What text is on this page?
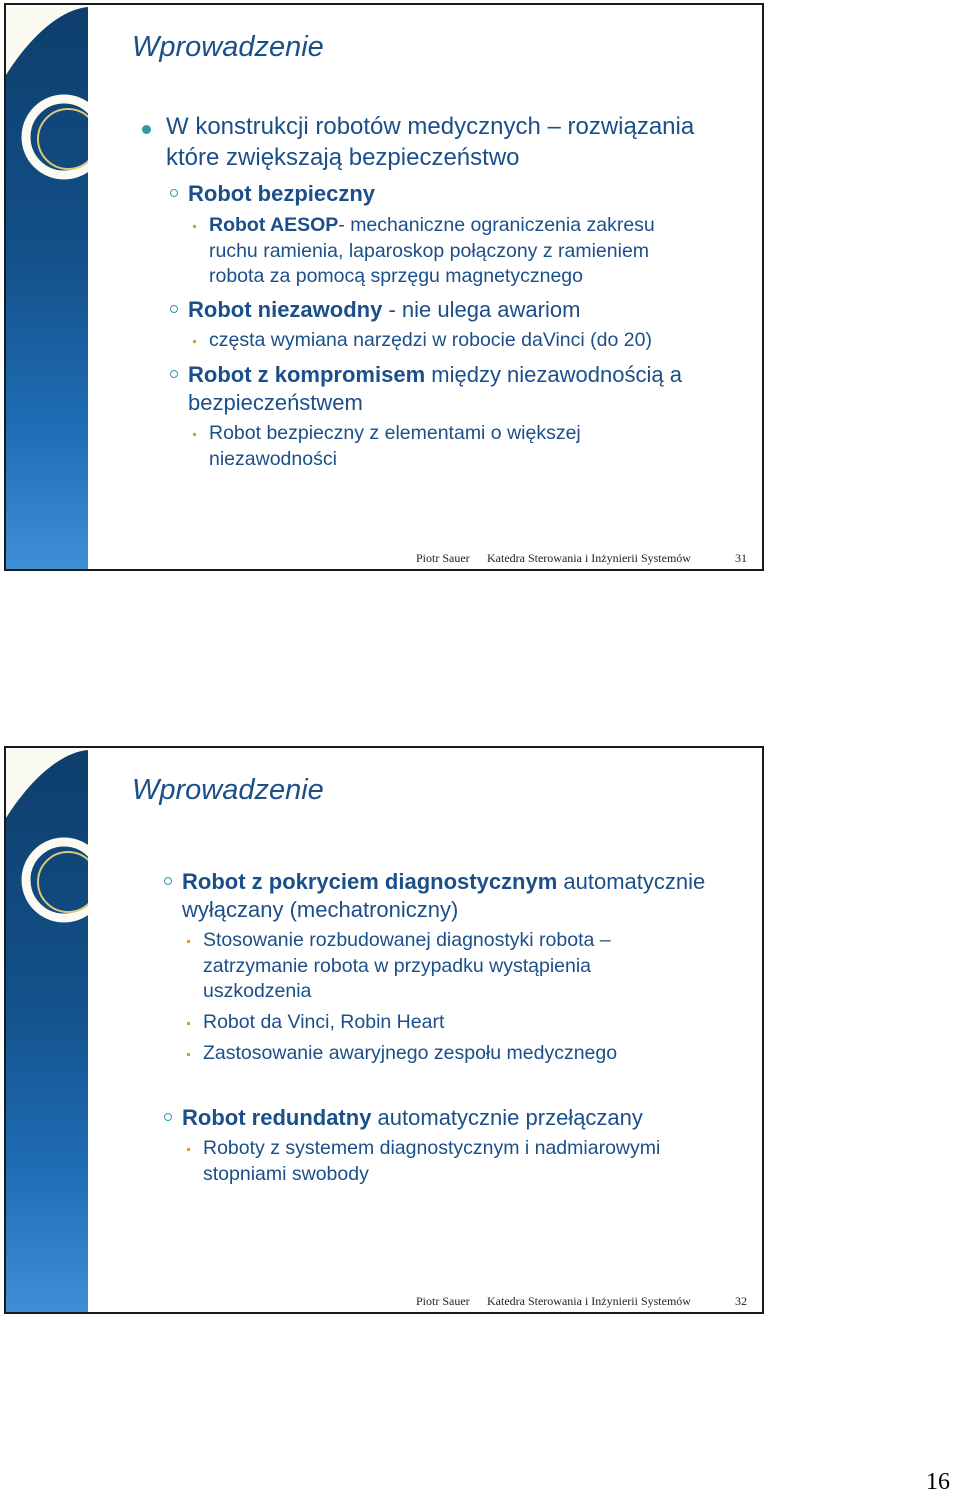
Wprowadzenie
W konstrukcji robotów medycznych – rozwiązania
które zwiększają bezpieczeństwo
Robot bezpieczny
Robot AESOP- mechaniczne ograniczenia zakresu
ruchu ramienia, laparoskop połączony z ramieniem
robota za pomocą sprzęgu magnetycznego
Robot niezawodny - nie ulega awariom
częsta wymiana narzędzi w robocie daVinci (do 20)
Robot z kompromisem między niezawodnością a
bezpieczeństwem
Robot bezpieczny z elementami o większej
niezawodności
Piotr Sauer Katedra Sterowania i Inżynierii Systemów	31
Wprowadzenie
Robot z pokryciem diagnostycznym automatycznie
wyłączany (mechatroniczny)
Stosowanie rozbudowanej diagnostyki robota –
zatrzymanie robota w przypadku wystąpienia
uszkodzenia
Robot da Vinci, Robin Heart
Zastosowanie awaryjnego zespołu medycznego
Robot redundatny automatycznie przełączany
Roboty z systemem diagnostycznym i nadmiarowymi
stopniami swobody
Piotr Sauer Katedra Sterowania i Inżynierii Systemów	32
16
